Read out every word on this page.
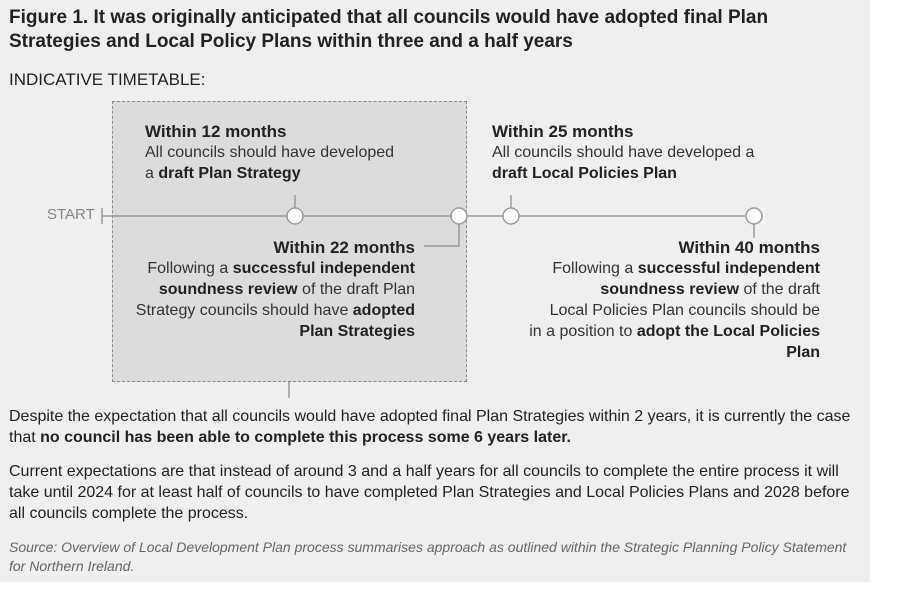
Figure 1. It was originally anticipated that all councils would have adopted final Plan Strategies and Local Policy Plans within three and a half years
INDICATIVE TIMETABLE:
START
Within 12 months
All councils should have developed
a draft Plan Strategy
Within 25 months
All councils should have developed a
draft Local Policies Plan
Within 22 months
Following a successful independent
soundness review of the draft Plan
Strategy councils should have adopted
Plan Strategies
Within 40 months
Following a successful independent
soundness review of the draft
Local Policies Plan councils should be
in a position to adopt the Local Policies
Plan
Despite the expectation that all councils would have adopted final Plan Strategies within 2 years, it is currently the case that no council has been able to complete this process some 6 years later.
Current expectations are that instead of around 3 and a half years for all councils to complete the entire process it will take until 2024 for at least half of councils to have completed Plan Strategies and Local Policies Plans and 2028 before all councils complete the process.
Source: Overview of Local Development Plan process summarises approach as outlined within the Strategic Planning Policy Statement for Northern Ireland.
